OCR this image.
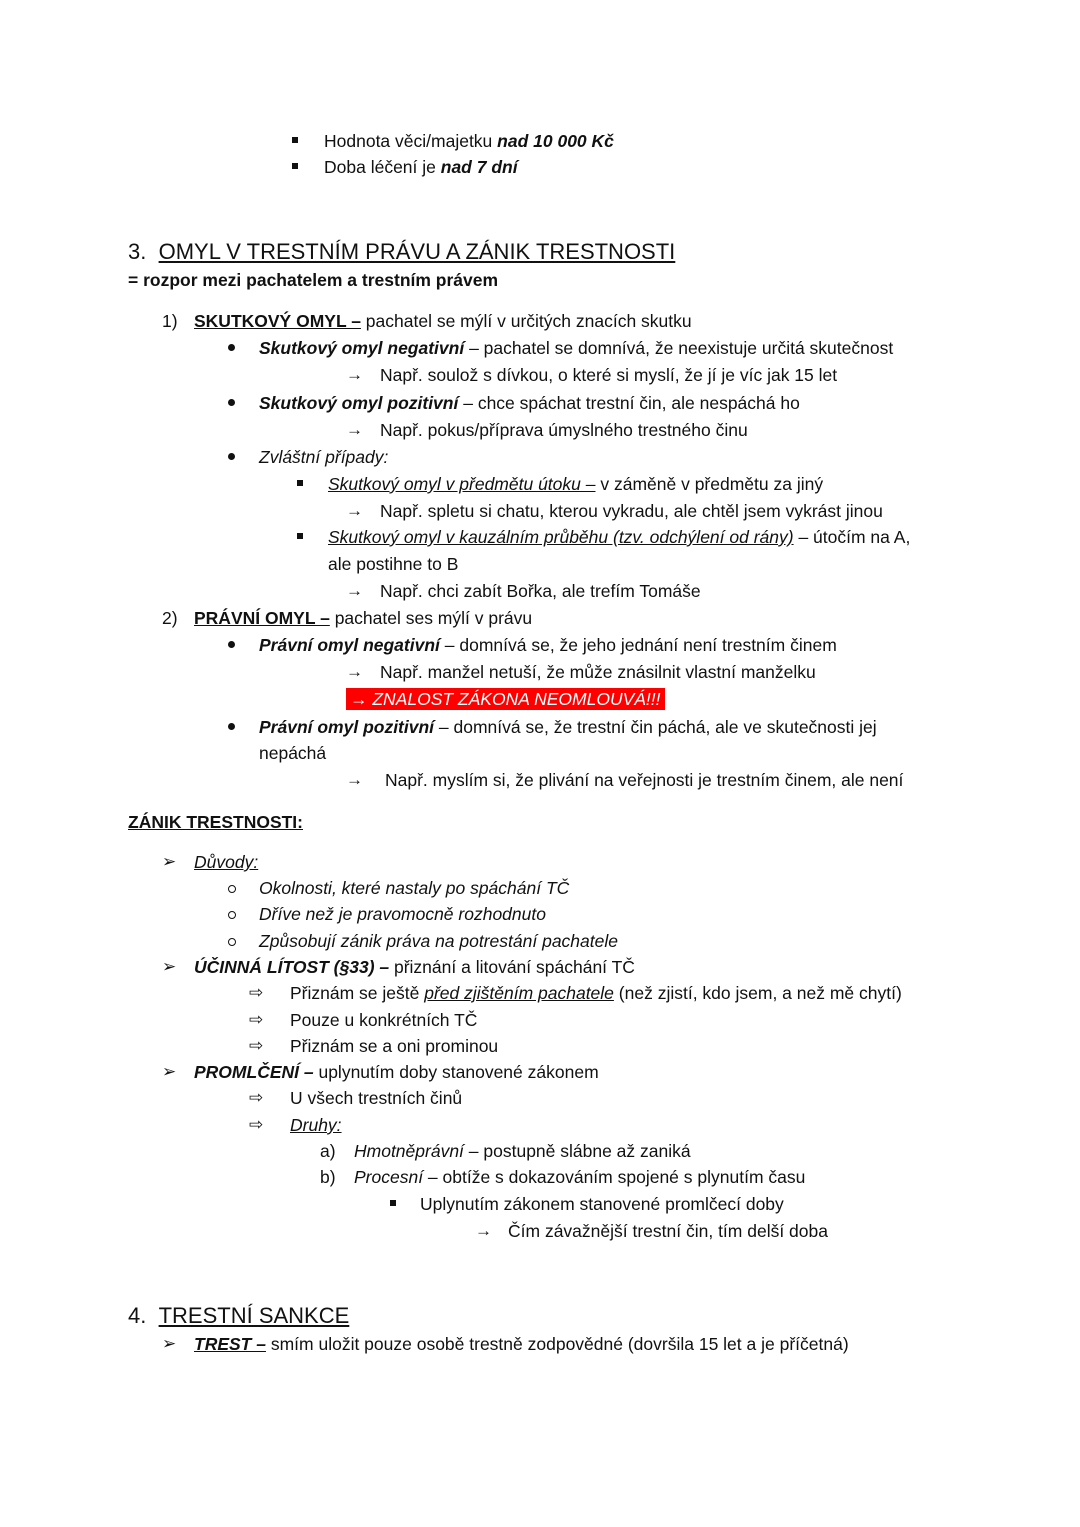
Hodnota věci/majetku nad 10 000 Kč
Doba léčení je nad 7 dní
3. OMYL V TRESTNÍM PRÁVU A ZÁNIK TRESTNOSTI
= rozpor mezi pachatelem a trestním právem
1) SKUTKOVÝ OMYL – pachatel se mýlí v určitých znacích skutku
Skutkový omyl negativní – pachatel se domnívá, že neexistuje určitá skutečnost
→ Např. soulož s dívkou, o které si myslí, že jí je víc jak 15 let
Skutkový omyl pozitivní – chce spáchat trestní čin, ale nespáchá ho
→ Např. pokus/příprava úmyslného trestného činu
Zvláštní případy:
Skutkový omyl v předmětu útoku – v záměně v předmětu za jiný
→ Např. spletu si chatu, kterou vykradu, ale chtěl jsem vykrást jinou
Skutkový omyl v kauzálním průběhu (tzv. odchýlení od rány) – útočím na A,
ale postihne to B
→ Např. chci zabít Bořka, ale trefím Tomáše
2) PRÁVNÍ OMYL – pachatel ses mýlí v právu
Právní omyl negativní – domnívá se, že jeho jednání není trestním činem
→ Např. manžel netuší, že může znásilnit vlastní manželku
→ ZNALOST ZÁKONA NEOMLOUVÁ!!!
Právní omyl pozitivní – domnívá se, že trestní čin páchá, ale ve skutečnosti jej
nepáchá
→ Např. myslím si, že plivání na veřejnosti je trestním činem, ale není
ZÁNIK TRESTNOSTI:
➢ Důvody:
Okolnosti, které nastaly po spáchání TČ
Dříve než je pravomocně rozhodnuto
Způsobují zánik práva na potrestání pachatele
➢ ÚČINNÁ LÍTOST (§33) – přiznání a litování spáchání TČ
⇨ Přiznám se ještě před zjištěním pachatele (než zjistí, kdo jsem, a než mě chytí)
⇨ Pouze u konkrétních TČ
⇨ Přiznám se a oni prominou
➢ PROMLČENÍ – uplynutím doby stanovené zákonem
⇨ U všech trestních činů
⇨ Druhy:
a) Hmotněprávní – postupně slábne až zaniká
b) Procesní – obtíže s dokazováním spojené s plynutím času
Uplynutím zákonem stanovené promlčecí doby
→ Čím závažnější trestní čin, tím delší doba
4. TRESTNÍ SANKCE
➢ TREST – smím uložit pouze osobě trestně zodpovědné (dovršila 15 let a je příčetná)
